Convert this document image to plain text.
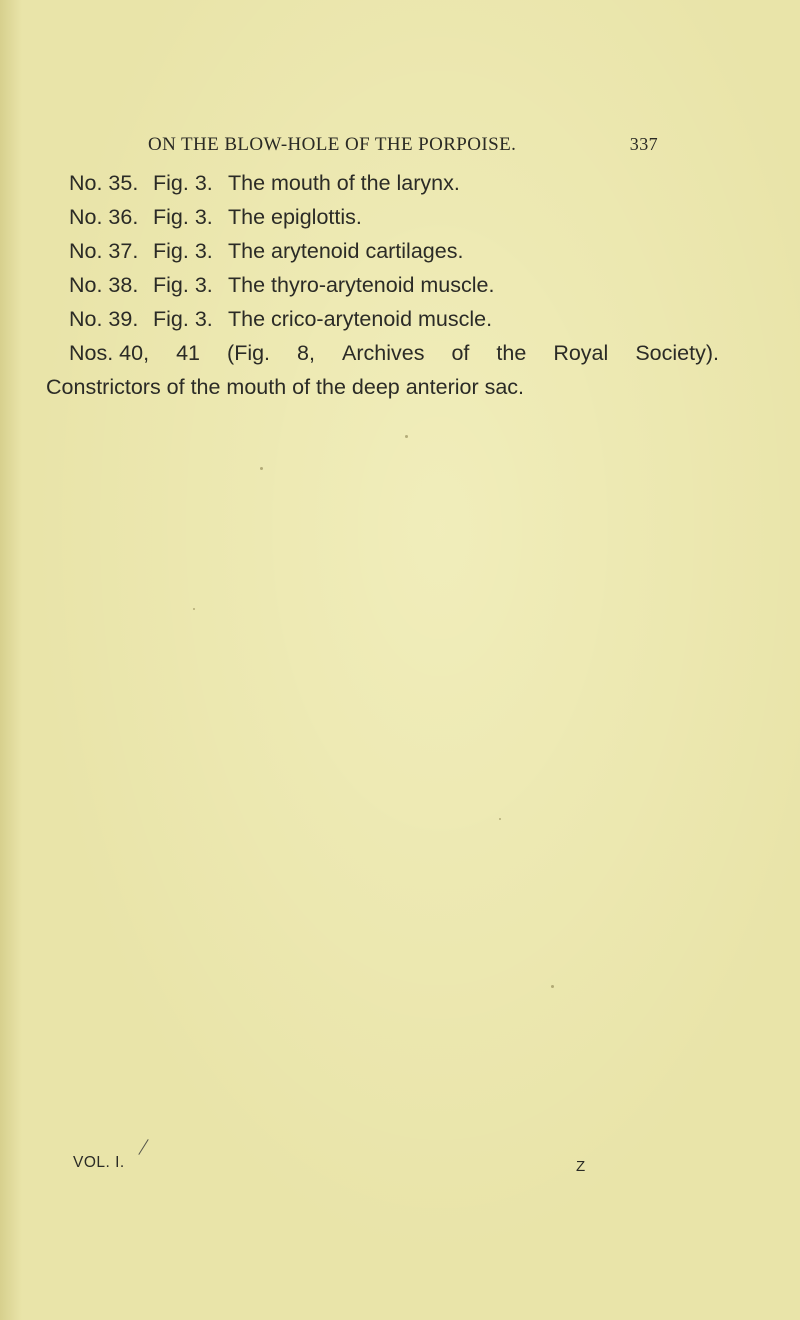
ON THE BLOW-HOLE OF THE PORPOISE.	337
No. 35. Fig. 3. The mouth of the larynx.
No. 36. Fig. 3. The epiglottis.
No. 37. Fig. 3. The arytenoid cartilages.
No. 38. Fig. 3. The thyro-arytenoid muscle.
No. 39. Fig. 3. The crico-arytenoid muscle.
Nos. 40, 41 (Fig. 8, Archives of the Royal Society).
Constrictors of the mouth of the deep anterior sac.
VOL. I.	Z
